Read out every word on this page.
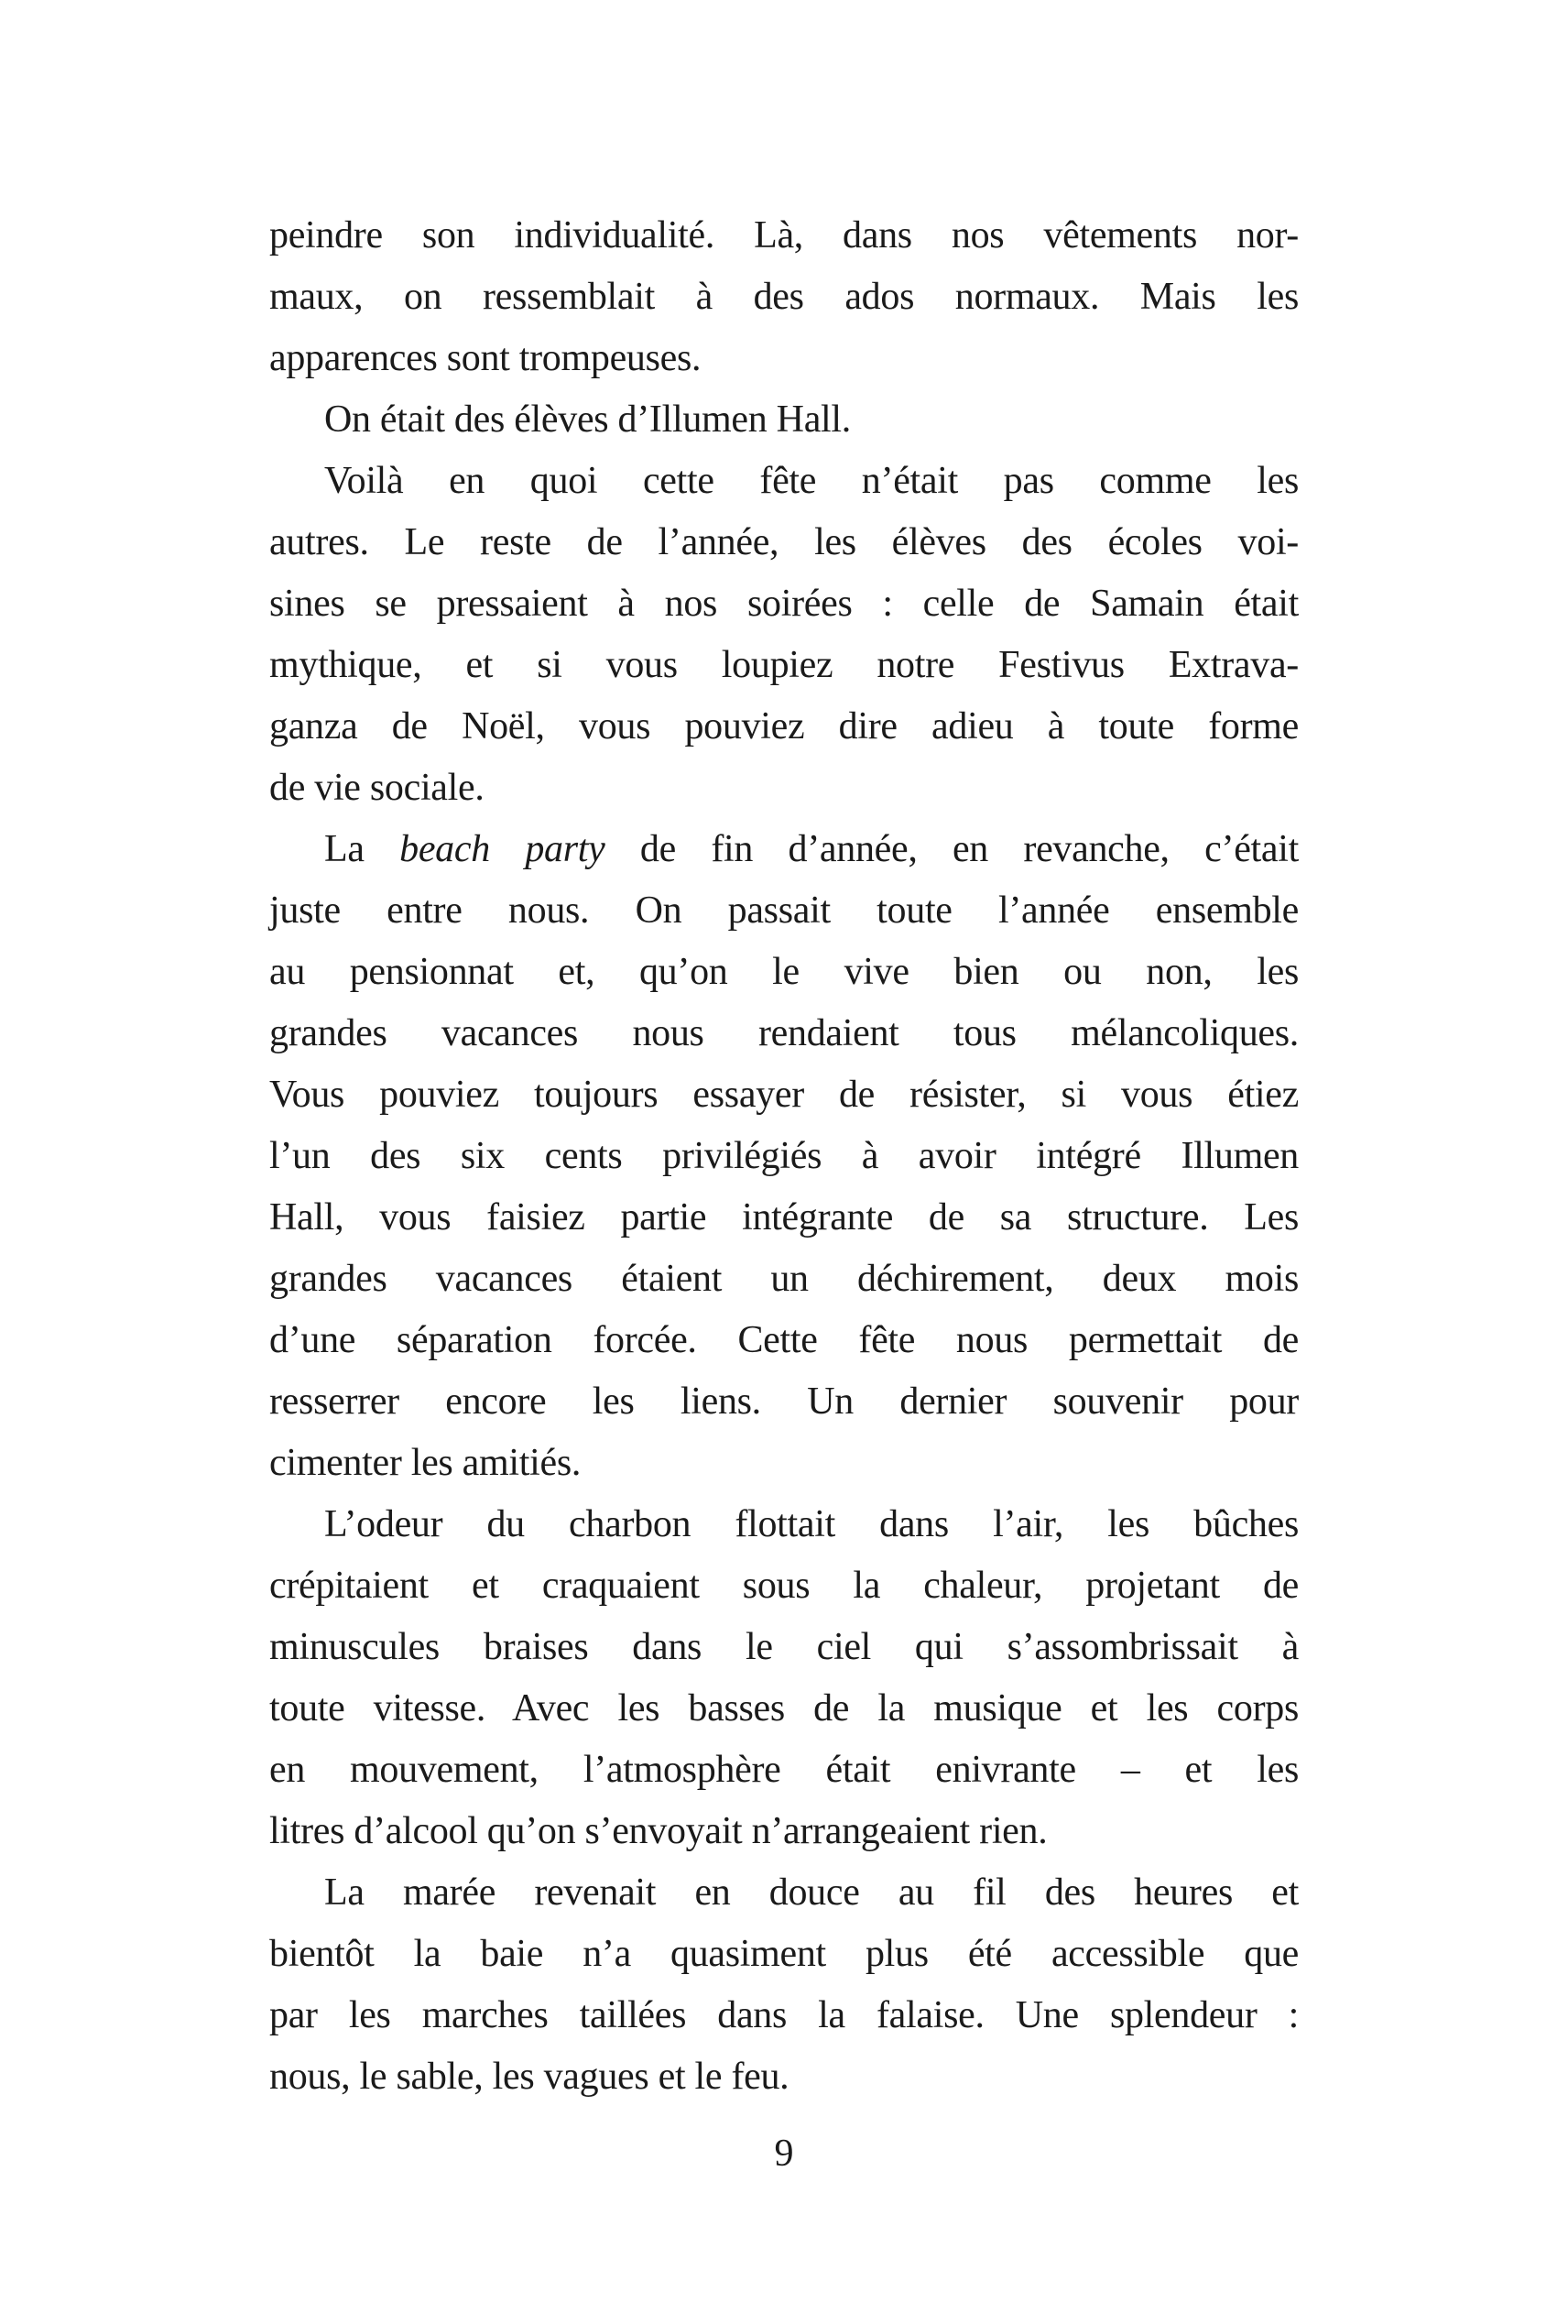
peindre son individualité. Là, dans nos vêtements nor-
maux, on ressemblait à des ados normaux. Mais les
apparences sont trompeuses.
On était des élèves d’Illumen Hall.
Voilà en quoi cette fête n’était pas comme les
autres. Le reste de l’année, les élèves des écoles voi-
sines se pressaient à nos soirées : celle de Samain était
mythique, et si vous loupiez notre Festivus Extrava-
ganza de Noël, vous pouviez dire adieu à toute forme
de vie sociale.
La beach party de fin d’année, en revanche, c’était
juste entre nous. On passait toute l’année ensemble
au pensionnat et, qu’on le vive bien ou non, les
grandes vacances nous rendaient tous mélancoliques.
Vous pouviez toujours essayer de résister, si vous étiez
l’un des six cents privilégiés à avoir intégré Illumen
Hall, vous faisiez partie intégrante de sa structure. Les
grandes vacances étaient un déchirement, deux mois
d’une séparation forcée. Cette fête nous permettait de
resserrer encore les liens. Un dernier souvenir pour
cimenter les amitiés.
L’odeur du charbon flottait dans l’air, les bûches
crépitaient et craquaient sous la chaleur, projetant de
minuscules braises dans le ciel qui s’assombrissait à
toute vitesse. Avec les basses de la musique et les corps
en mouvement, l’atmosphère était enivrante – et les
litres d’alcool qu’on s’envoyait n’arrangeaient rien.
La marée revenait en douce au fil des heures et
bientôt la baie n’a quasiment plus été accessible que
par les marches taillées dans la falaise. Une splendeur :
nous, le sable, les vagues et le feu.
9
